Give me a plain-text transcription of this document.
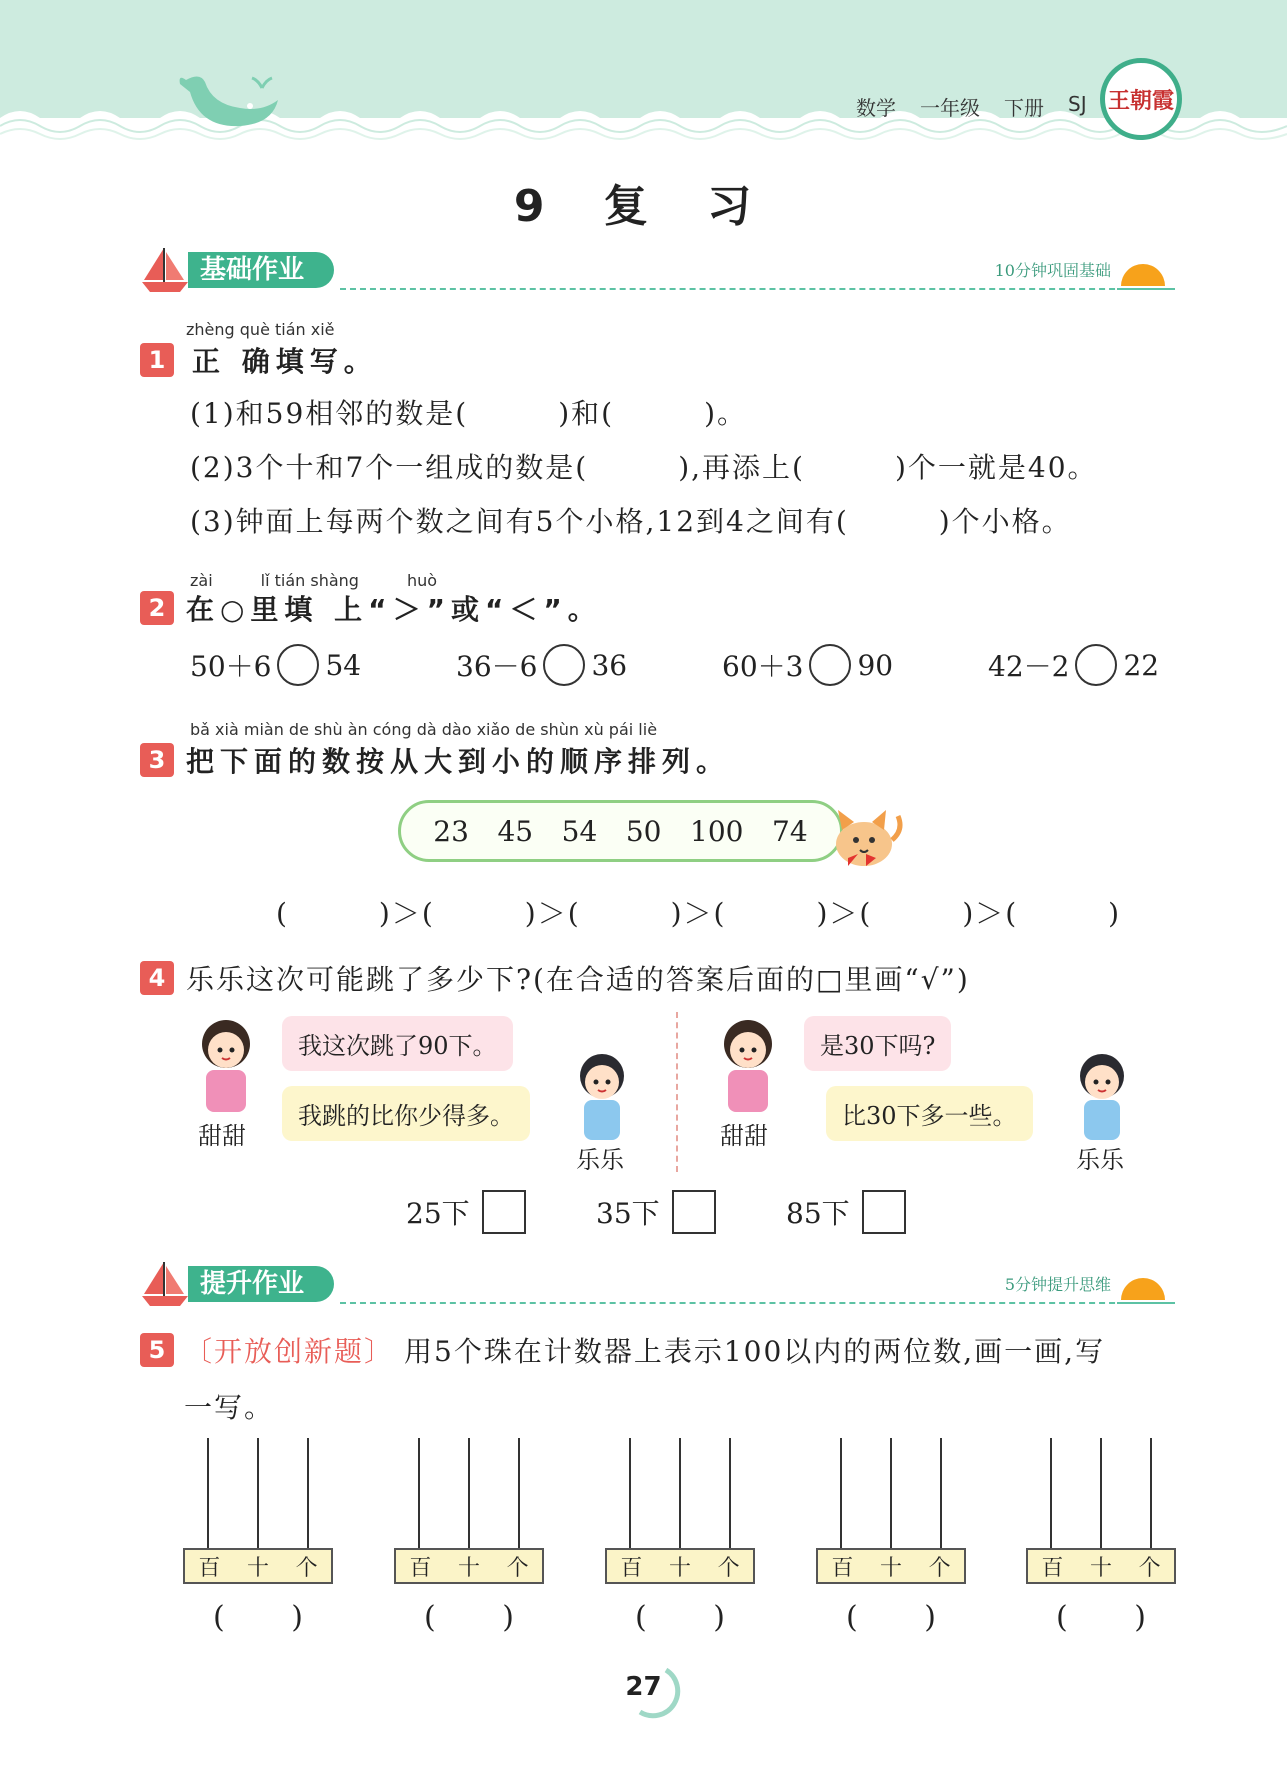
数学 一年级 下册 SJ 王朝霞
9 复 习
基础作业	10分钟巩固基础
zhèng què tián xiě
1 正 确填写。
(1)和59相邻的数是(　　　)和(　　　)。
(2)3个十和7个一组成的数是(　　　),再添上(　　　)个一就是40。
(3)钟面上每两个数之间有5个小格,12到4之间有(　　　)个小格。
zài　　　lǐ tián shàng　　　huò
2 在○里填 上“＞”或“＜”。
50＋6 54	36－6 36	60＋3 90	42－2 22
bǎ xià miàn de shù àn cóng dà dào xiǎo de shùn xù pái liè
3 把下面的数按从大到小的顺序排列。
23 45 54 50 100 74
(　　　)＞(　　　)＞(　　　)＞(　　　)＞(　　　)＞(　　　)
4 乐乐这次可能跳了多少下?(在合适的答案后面的□里画“√”)
甜甜
我这次跳了90下。
我跳的比你少得多。
乐乐
甜甜
是30下吗?
比30下多一些。
乐乐
25下	35下	85下
提升作业	5分钟提升思维
5 〔开放创新题〕 用5个珠在计数器上表示100以内的两位数,画一画,写
一写。
百 十 个	百 十 个	百 十 个	百 十 个	百 十 个
( )	( )	( )	( )	( )
27
